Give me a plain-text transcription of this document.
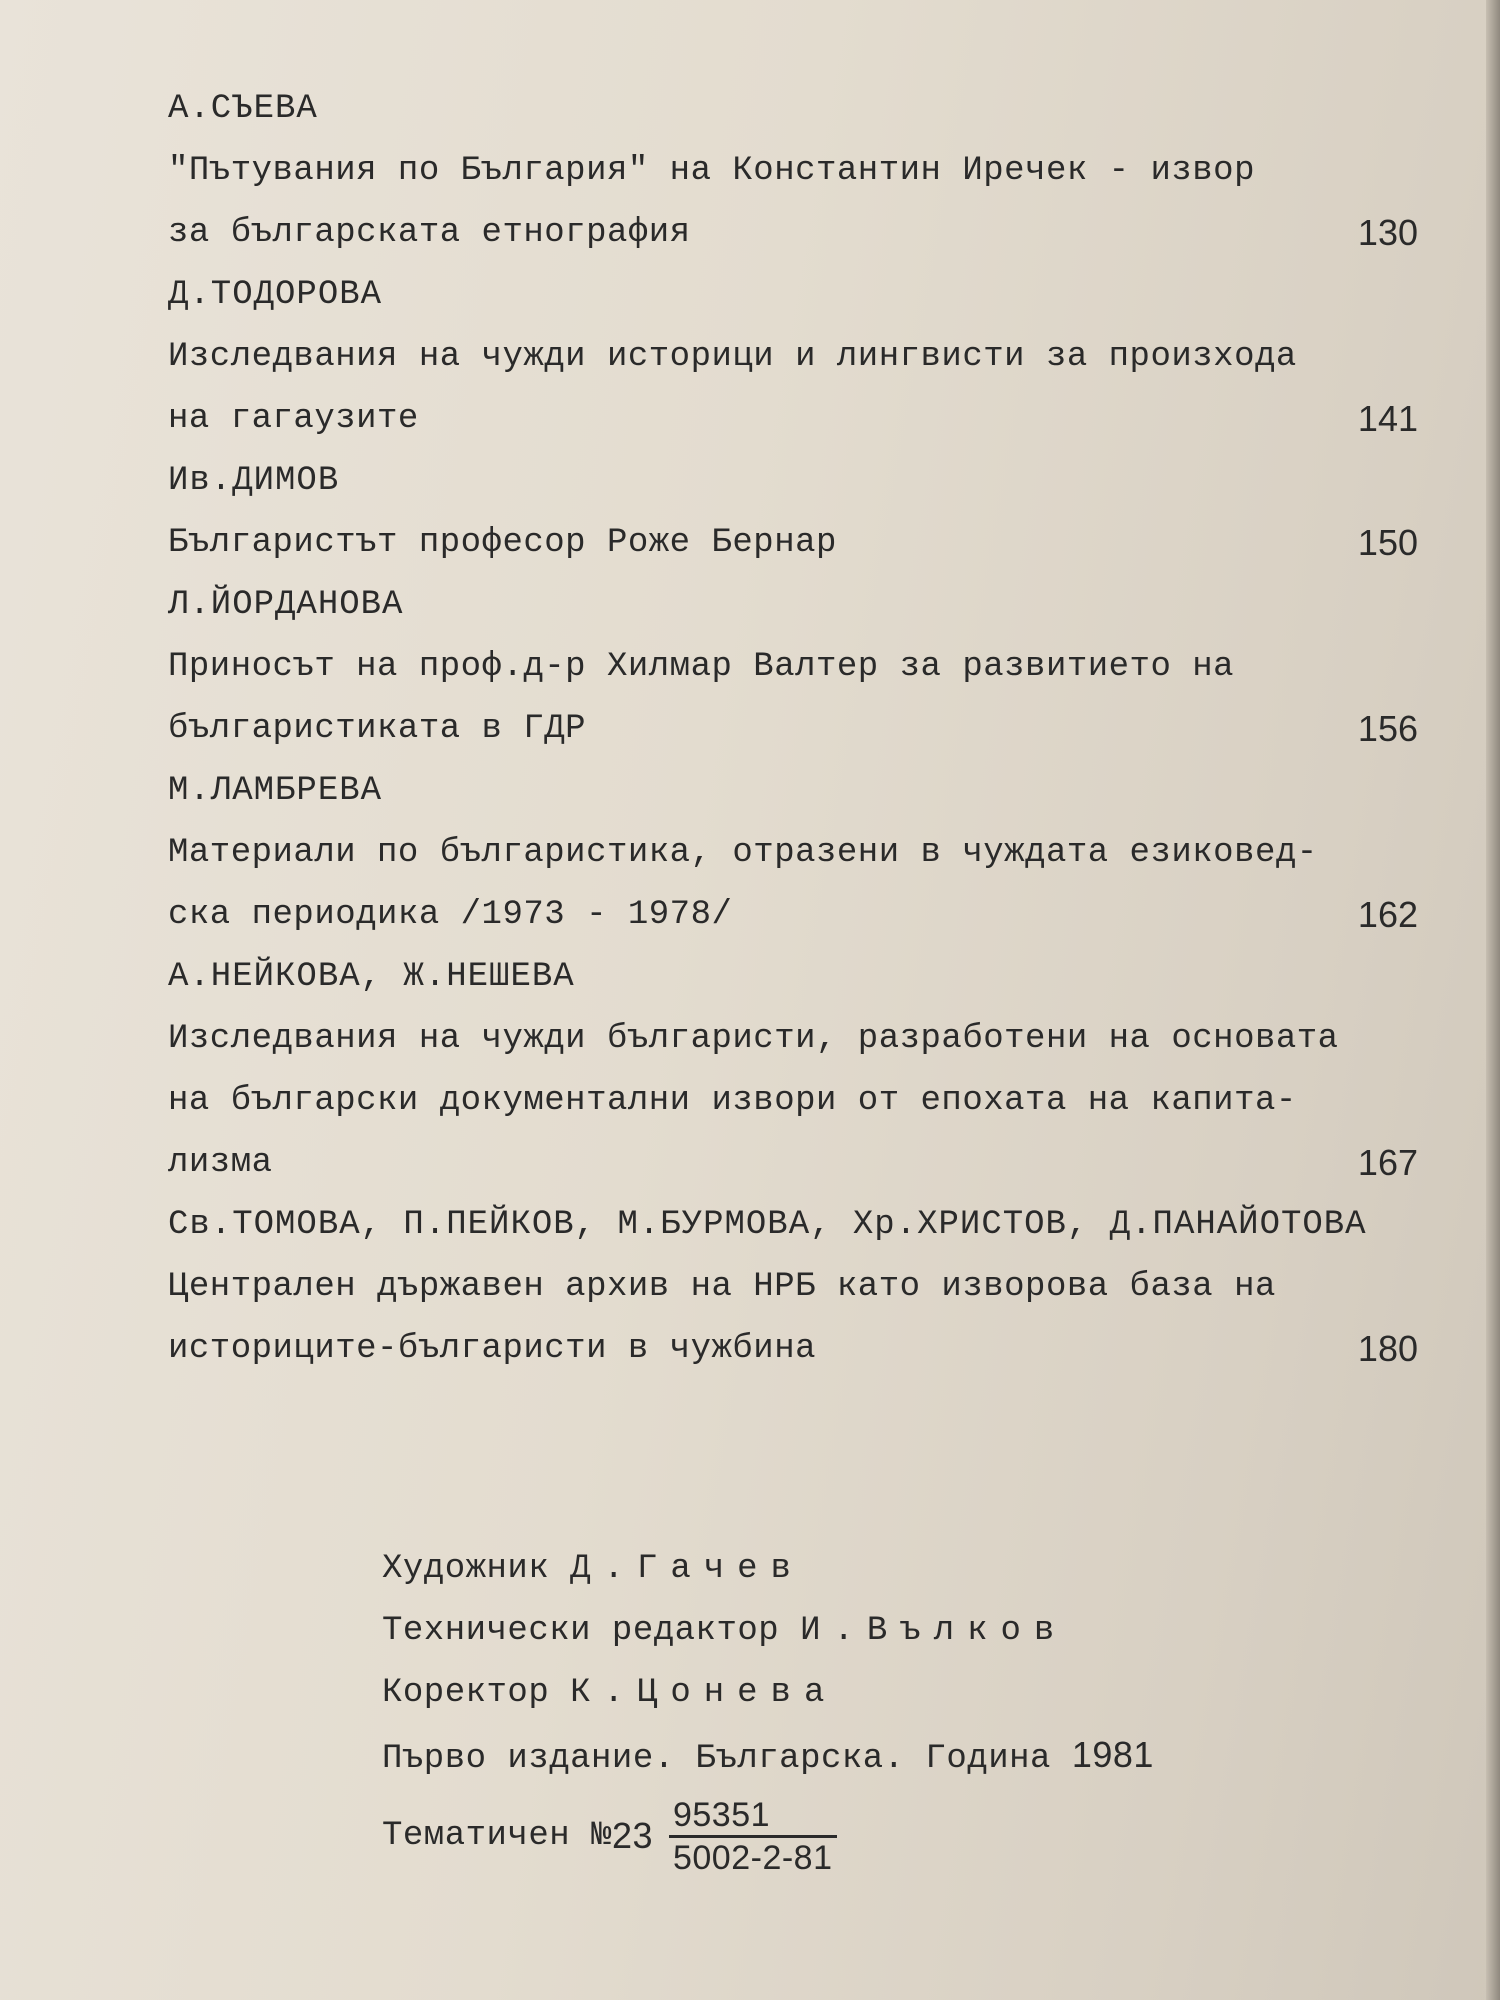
А.СЪЕВА
"Пътувания по България" на Константин Иречек - извор
за българската етнография	130
Д.ТОДОРОВА
Изследвания на чужди историци и лингвисти за произхода
на гагаузите	141
Ив.ДИМОВ
Българистът професор Роже Бернар	150
Л.ЙОРДАНОВА
Приносът на проф.д-р Хилмар Валтер за развитието на
българистиката в ГДР	156
М.ЛАМБРЕВА
Материали по българистика, отразени в чуждата езиковед-
ска периодика /1973 - 1978/	162
А.НЕЙКОВА, Ж.НЕШЕВА
Изследвания на чужди българисти, разработени на основата
на български документални извори от епохата на капита-
лизма	167
Св.ТОМОВА, П.ПЕЙКОВ, М.БУРМОВА, Хр.ХРИСТОВ, Д.ПАНАЙОТОВА
Централен държавен архив на НРБ като изворова база на
историците-българисти в чужбина	180
Художник Д.Гачев
Технически редактор И.Вълков
Коректор К.Цонева
Първо издание. Българска. Година 1981
Тематичен № $23 \frac{95351}{5002-2-81}$
